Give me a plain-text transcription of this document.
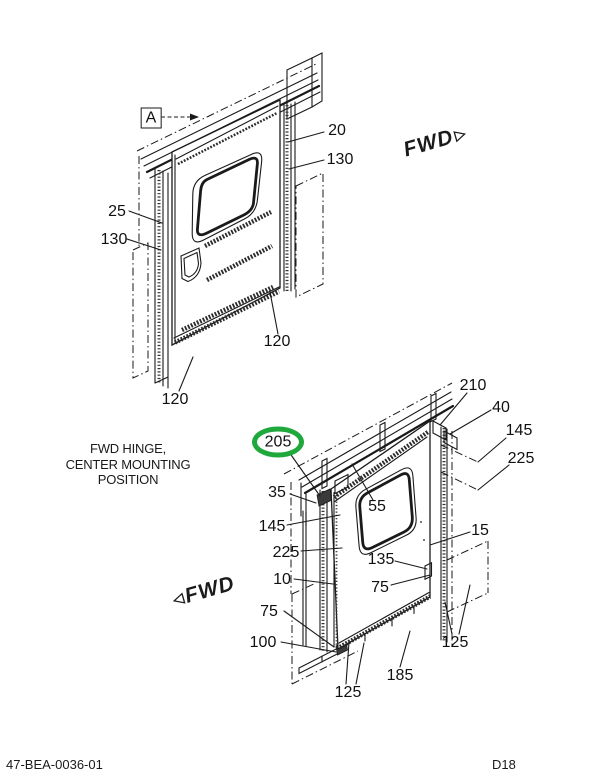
A
20
130
25
130
120
120
210
40
145
225
205
35
55
145
225
15
135
75
10
75
100
125
185
125
FWD HINGE,
CENTER MOUNTING
POSITION
FWD▷
◁FWD
47-BEA-0036-01	D18
